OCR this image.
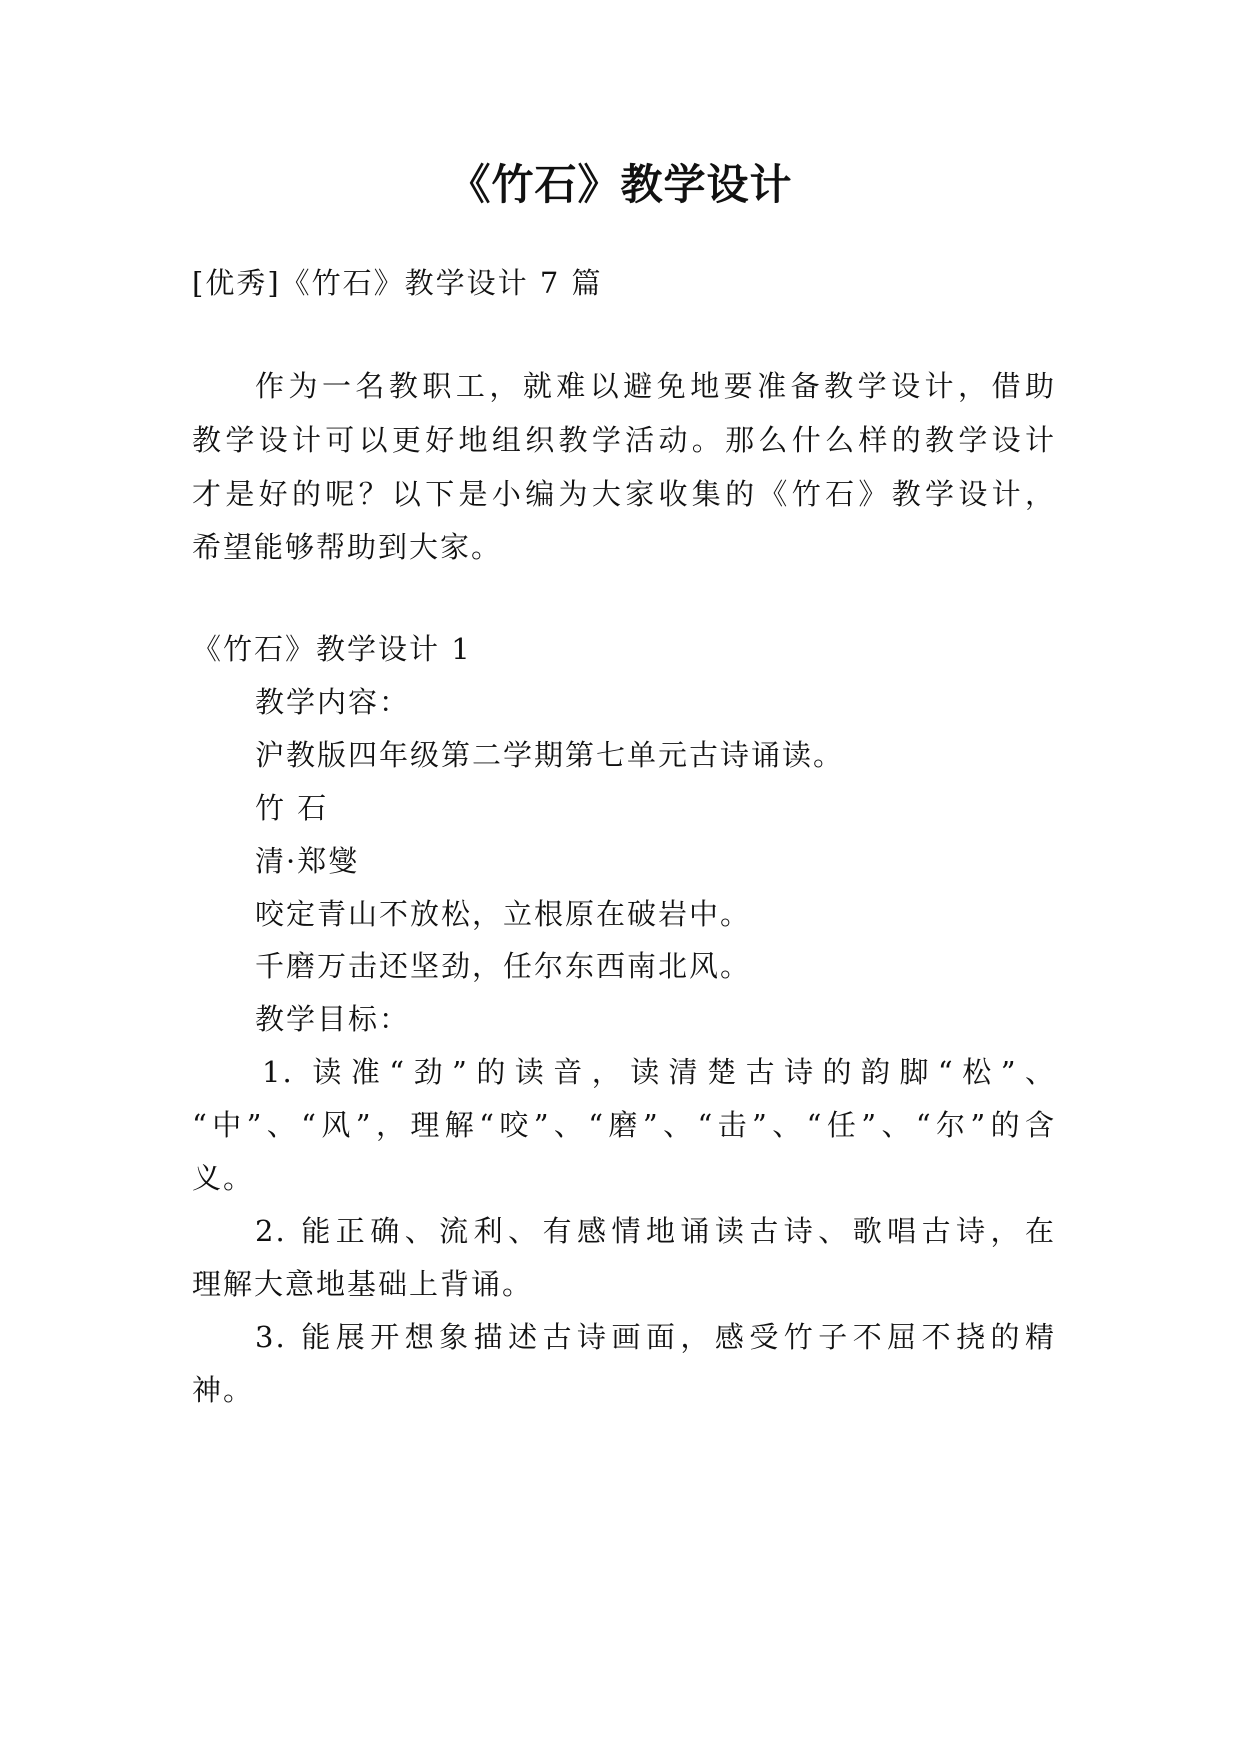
《竹石》教学设计
[优秀]《竹石》教学设计 7 篇
作为一名教职工，就难以避免地要准备教学设计，借助
教学设计可以更好地组织教学活动。那么什么样的教学设计
才是好的呢？以下是小编为大家收集的《竹石》教学设计，
希望能够帮助到大家。
《竹石》教学设计 1
教学内容：
沪教版四年级第二学期第七单元古诗诵读。
竹 石
清·郑燮
咬定青山不放松，立根原在破岩中。
千磨万击还坚劲，任尔东西南北风。
教学目标：
1. 读准“劲”的读音，读清楚古诗的韵脚“松”、
“中”、“风”，理解“咬”、“磨”、“击”、“任”、“尔”的含
义。
2. 能正确、流利、有感情地诵读古诗、歌唱古诗，在
理解大意地基础上背诵。
3. 能展开想象描述古诗画面，感受竹子不屈不挠的精
神。
